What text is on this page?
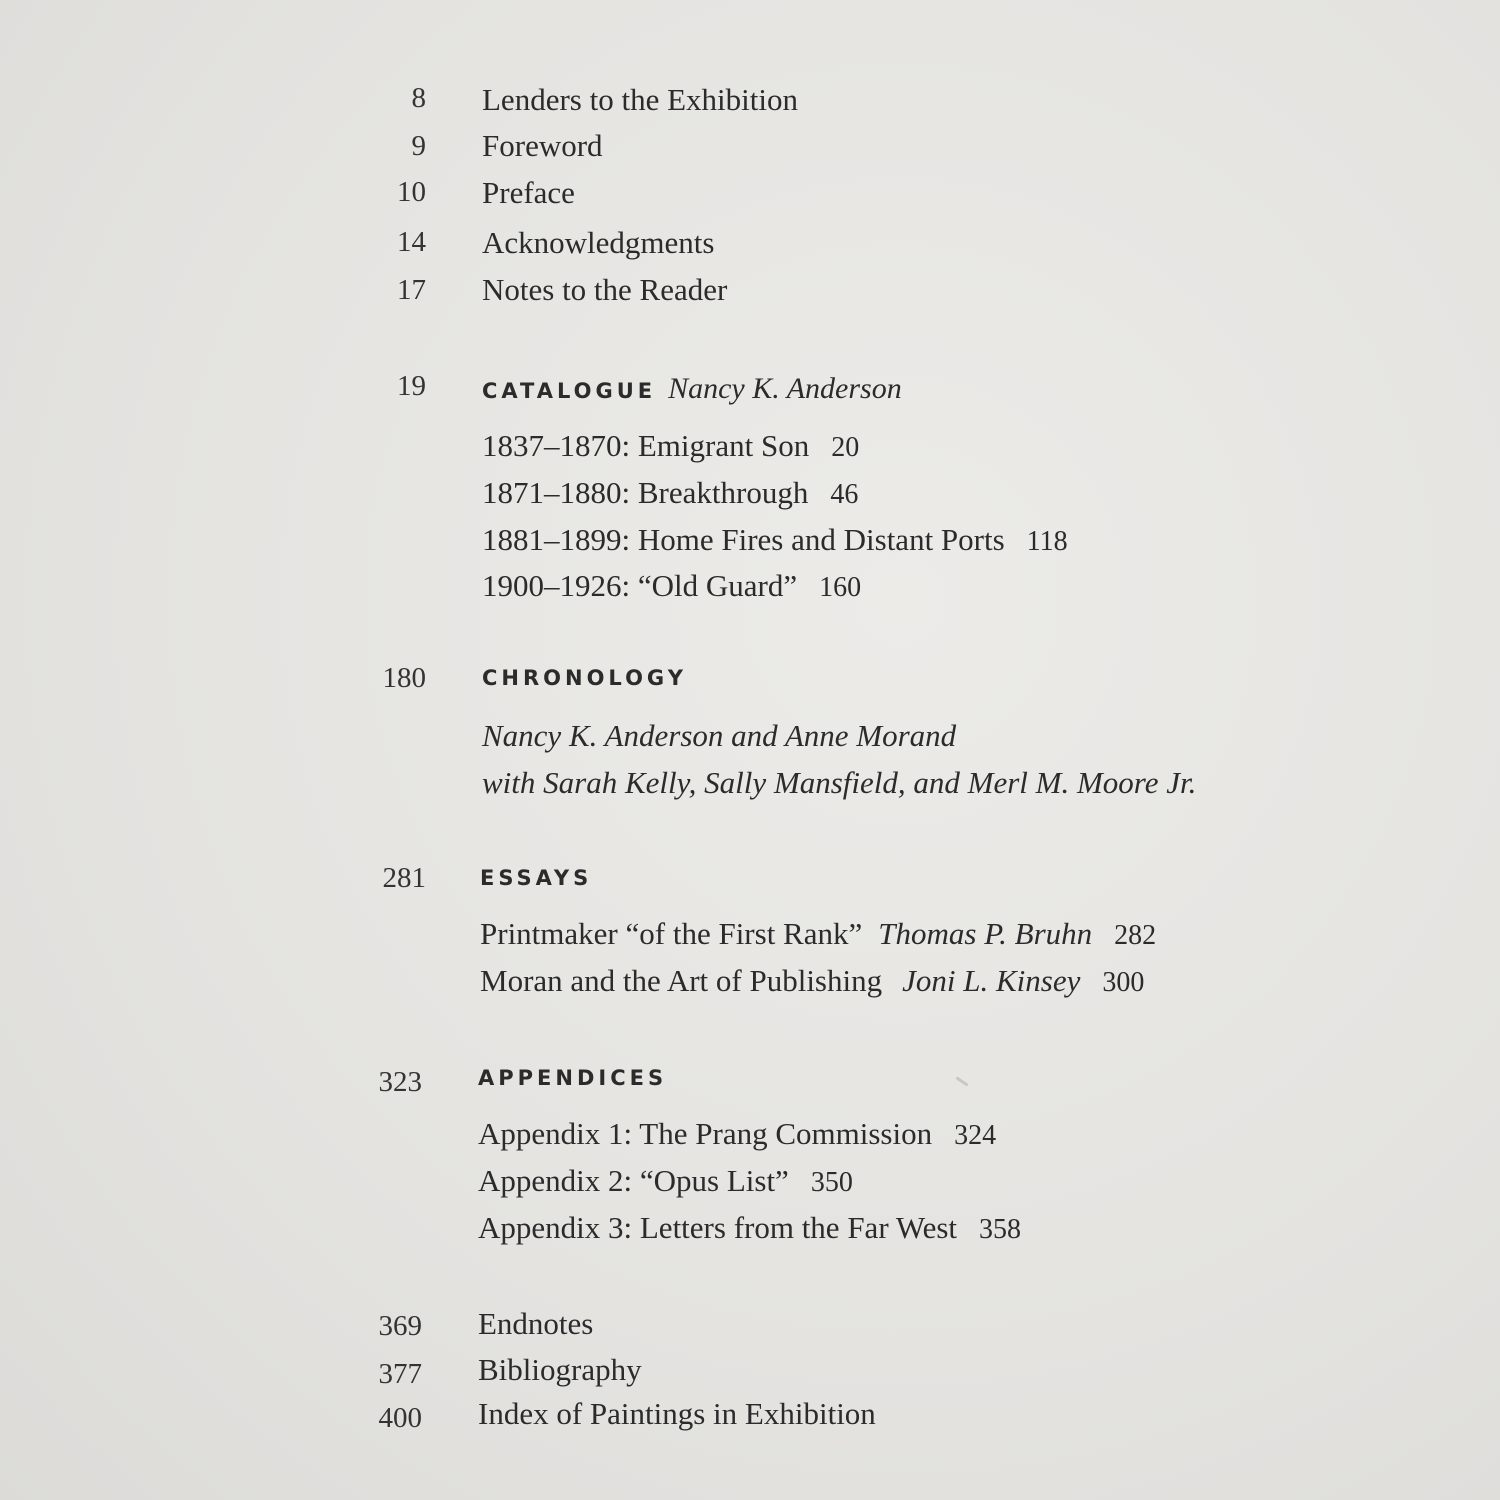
8 Lenders to the Exhibition
9 Foreword
10 Preface
14 Acknowledgments
17 Notes to the Reader
19	CATALOGUE Nancy K. Anderson
1837–1870: Emigrant Son 20
1871–1880: Breakthrough 46
1881–1899: Home Fires and Distant Ports 118
1900–1926: “Old Guard” 160
180	CHRONOLOGY
Nancy K. Anderson and Anne Morand
with Sarah Kelly, Sally Mansfield, and Merl M. Moore Jr.
281	ESSAYS
Printmaker “of the First Rank” Thomas P. Bruhn 282
Moran and the Art of Publishing Joni L. Kinsey 300
323	APPENDICES
Appendix 1: The Prang Commission 324
Appendix 2: “Opus List” 350
Appendix 3: Letters from the Far West 358
369 Endnotes
377 Bibliography
400 Index of Paintings in Exhibition
